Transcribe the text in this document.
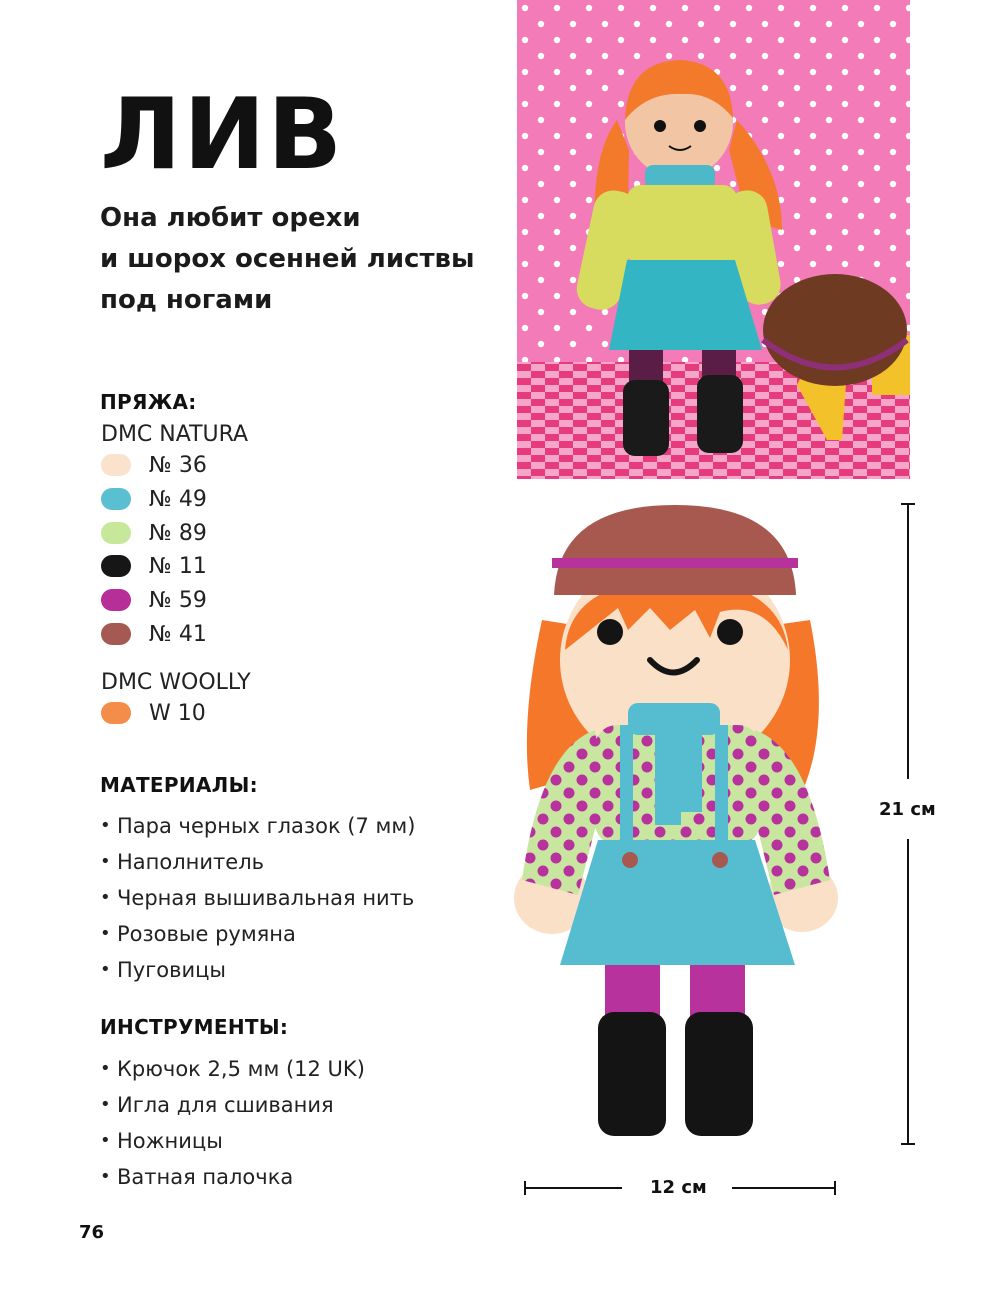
ЛИВ
Она любит орехи
и шорох осенней листвы
под ногами
ПРЯЖА:
DMC NATURA
№ 36
№ 49
№ 89
№ 11
№ 59
№ 41
DMC WOOLLY
W 10
МАТЕРИАЛЫ:
• Пара черных глазок (7 мм)
• Наполнитель
• Черная вышивальная нить
• Розовые румяна
• Пуговицы
ИНСТРУМЕНТЫ:
• Крючок 2,5 мм (12 UK)
• Игла для сшивания
• Ножницы
• Ватная палочка
76
21 см
12 см
